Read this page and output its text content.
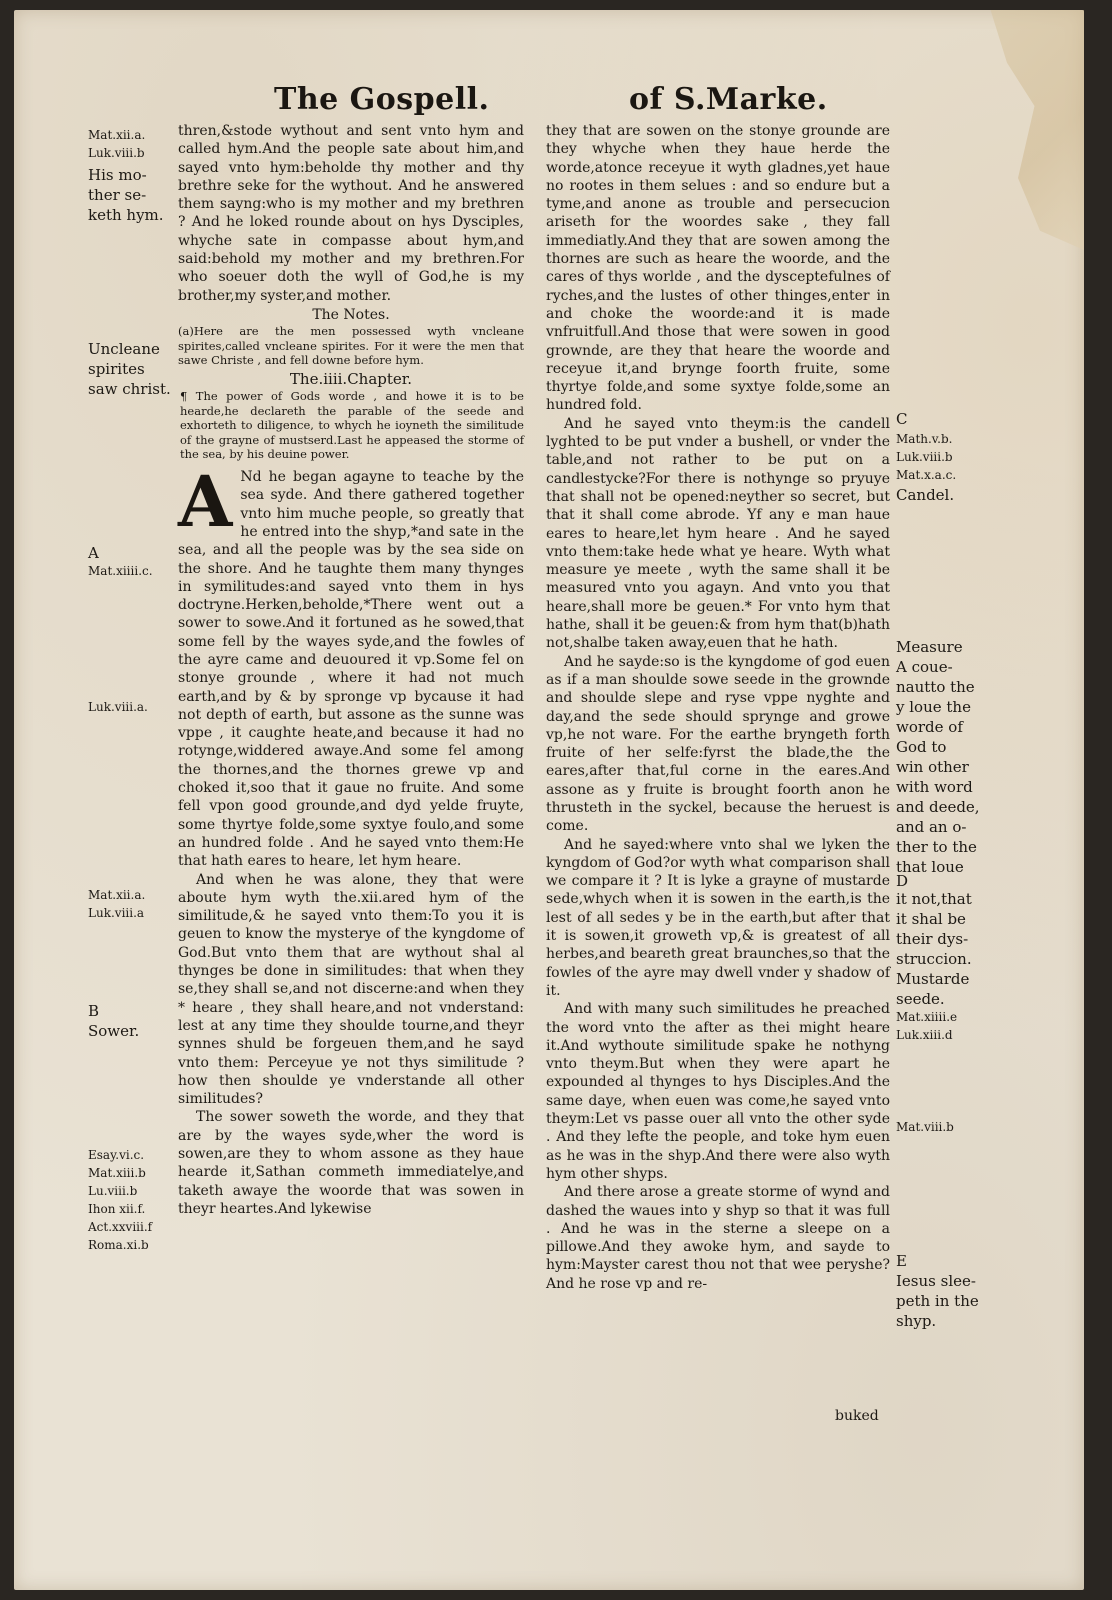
The Gospell.	of S.Marke.

thren,&stode wythout and sent vnto hym and called hym.And the people sate about him,and sayed vnto hym:beholde thy mother and thy brethre seke for the wythout. And he answered them sayng:who is my mother and my brethren ? And he loked rounde about on hys Dysciples, whyche sate in compasse about hym,and said:behold my mother and my brethren.For who soeuer doth the wyll of God,he is my brother,my syster,and mother.

The Notes.

(a)Here are the men possessed wyth vncleane spirites,called vncleane spirites. For it were the men that sawe Christe , and fell downe before hym.

The.iiii.Chapter.

¶ The power of Gods worde , and howe it is to be hearde,he declareth the parable of the seede and exhorteth to diligence, to whych he ioyneth the similitude of the grayne of mustserd.Last he appeased the storme of the sea, by his deuine power.

A Nd he began agayne to teache by the sea syde. And there gathered together vnto him muche people, so greatly that he entred into the shyp,*and sate in the sea, and all the people was by the sea side on the shore. And he taughte them many thynges in symilitudes:and sayed vnto them in hys doctryne.Herken,beholde,*There went out a sower to sowe.And it fortuned as he sowed,that some fell by the wayes syde,and the fowles of the ayre came and deuoured it vp.Some fel on stonye grounde , where it had not much earth,and by & by spronge vp bycause it had not depth of earth, but assone as the sunne was vppe , it caughte heate,and because it had no rotynge,widdered awaye.And some fel among the thornes,and the thornes grewe vp and choked it,soo that it gaue no fruite. And some fell vpon good grounde,and dyd yelde fruyte, some thyrtye folde,some syxtye foulo,and some an hundred folde . And he sayed vnto them:He that hath eares to heare, let hym heare.

And when he was alone, they that were aboute hym wyth the.xii.ared hym of the similitude,& he sayed vnto them:To you it is geuen to know the mysterye of the kyngdome of God.But vnto them that are wythout shal al thynges be done in similitudes: that when they se,they shall se,and not discerne:and when they * heare , they shall heare,and not vnderstand: lest at any time they shoulde tourne,and theyr synnes shuld be forgeuen them,and he sayd vnto them: Perceyue ye not thys similitude ? how then shoulde ye vnderstande all other similitudes?

The sower soweth the worde, and they that are by the wayes syde,wher the word is sowen,are they to whom assone as they haue hearde it,Sathan commeth immediatelye,and taketh awaye the woorde that was sowen in theyr heartes.And lykewise

they that are sowen on the stonye grounde are they whyche when they haue herde the worde,atonce receyue it wyth gladnes,yet haue no rootes in them selues : and so endure but a tyme,and anone as trouble and persecucion ariseth for the woordes sake , they fall immediatly.And they that are sowen among the thornes are such as heare the woorde, and the cares of thys worlde , and the dysceptefulnes of ryches,and the lustes of other thinges,enter in and choke the woorde:and it is made vnfruitfull.And those that were sowen in good grownde, are they that heare the woorde and receyue it,and brynge foorth fruite, some thyrtye folde,and some syxtye folde,some an hundred fold.

And he sayed vnto theym:is the candell lyghted to be put vnder a bushell, or vnder the table,and not rather to be put on a candlestycke?For there is nothynge so pryuye that shall not be opened:neyther so secret, but that it shall come abrode. Yf any e man haue eares to heare,let hym heare . And he sayed vnto them:take hede what ye heare. Wyth what measure ye meete , wyth the same shall it be measured vnto you agayn. And vnto you that heare,shall more be geuen.* For vnto hym that hathe, shall it be geuen:& from hym that(b)hath not,shalbe taken away,euen that he hath.

And he sayde:so is the kyngdome of god euen as if a man shoulde sowe seede in the grownde and shoulde slepe and ryse vppe nyghte and day,and the sede should sprynge and growe vp,he not ware. For the earthe bryngeth forth fruite of her selfe:fyrst the blade,the the eares,after that,ful corne in the eares.And assone as y fruite is brought foorth anon he thrusteth in the syckel, because the heruest is come.

And he sayed:where vnto shal we lyken the kyngdom of God?or wyth what comparison shall we compare it ? It is lyke a grayne of mustarde sede,whych when it is sowen in the earth,is the lest of all sedes y be in the earth,but after that it is sowen,it groweth vp,& is greatest of all herbes,and beareth great braunches,so that the fowles of the ayre may dwell vnder y shadow of it.

And with many such similitudes he preached the word vnto the after as thei might heare it.And wythoute similitude spake he nothyng vnto theym.But when they were apart he expounded al thynges to hys Disciples.And the same daye, when euen was come,he sayed vnto theym:Let vs passe ouer all vnto the other syde . And they lefte the people, and toke hym euen as he was in the shyp.And there were also wyth hym other shyps.

And there arose a greate storme of wynd and dashed the waues into y shyp so that it was full . And he was in the sterne a sleepe on a pillowe.And they awoke hym, and sayde to hym:Mayster carest thou not that wee peryshe? And he rose vp and re-

buked
Mat.xii.a.
Luk.viii.b
His mo-
ther se-
keth hym.
Uncleane
spirites
saw christ.
A
Mat.xiiii.c.
Luk.viii.a.
Mat.xii.a.
Luk.viii.a
B
Sower.
Esay.vi.c.
Mat.xiii.b
Lu.viii.b
Ihon xii.f.
Act.xxviii.f
Roma.xi.b
C
Math.v.b.
Luk.viii.b
Mat.x.a.c.
Candel.
Measure
A coue-
nautto the
y loue the
worde of
God to
win other
with word
and deede,
and an o-
ther to the
that loue
D
it not,that
it shal be
their dys-
struccion.
Mustarde
seede.
Mat.xiiii.e
Luk.xiii.d
Mat.viii.b
E
Iesus slee-
peth in the
shyp.
